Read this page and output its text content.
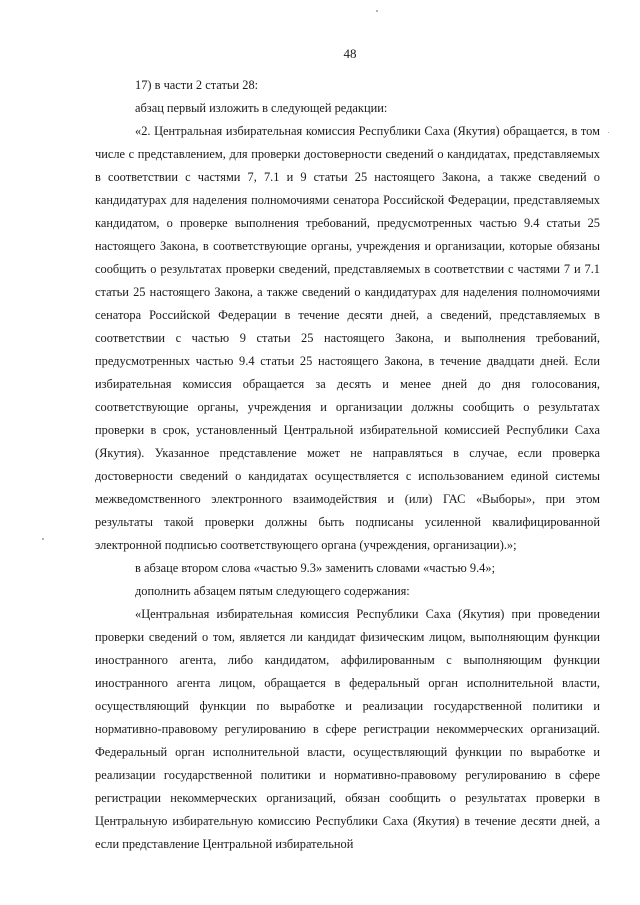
48

17) в части 2 статьи 28:

абзац первый изложить в следующей редакции:

«2. Центральная избирательная комиссия Республики Саха (Якутия) обращается, в том числе с представлением, для проверки достоверности сведений о кандидатах, представляемых в соответствии с частями 7, 7.1 и 9 статьи 25 настоящего Закона, а также сведений о кандидатурах для наделения полномочиями сенатора Российской Федерации, представляемых кандидатом, о проверке выполнения требований, предусмотренных частью 9.4 статьи 25 настоящего Закона, в соответствующие органы, учреждения и организации, которые обязаны сообщить о результатах проверки сведений, представляемых в соответствии с частями 7 и 7.1 статьи 25 настоящего Закона, а также сведений о кандидатурах для наделения полномочиями сенатора Российской Федерации в течение десяти дней, а сведений, представляемых в соответствии с частью 9 статьи 25 настоящего Закона, и выполнения требований, предусмотренных частью 9.4 статьи 25 настоящего Закона, в течение двадцати дней. Если избирательная комиссия обращается за десять и менее дней до дня голосования, соответствующие органы, учреждения и организации должны сообщить о результатах проверки в срок, установленный Центральной избирательной комиссией Республики Саха (Якутия). Указанное представление может не направляться в случае, если проверка достоверности сведений о кандидатах осуществляется с использованием единой системы межведомственного электронного взаимодействия и (или) ГАС «Выборы», при этом результаты такой проверки должны быть подписаны усиленной квалифицированной электронной подписью соответствующего органа (учреждения, организации).»;

в абзаце втором слова «частью 9.3» заменить словами «частью 9.4»;

дополнить абзацем пятым следующего содержания:

«Центральная избирательная комиссия Республики Саха (Якутия) при проведении проверки сведений о том, является ли кандидат физическим лицом, выполняющим функции иностранного агента, либо кандидатом, аффилированным с выполняющим функции иностранного агента лицом, обращается в федеральный орган исполнительной власти, осуществляющий функции по выработке и реализации государственной политики и нормативно-правовому регулированию в сфере регистрации некоммерческих организаций. Федеральный орган исполнительной власти, осуществляющий функции по выработке и реализации государственной политики и нормативно-правовому регулированию в сфере регистрации некоммерческих организаций, обязан сообщить о результатах проверки в Центральную избирательную комиссию Республики Саха (Якутия) в течение десяти дней, а если представление Центральной избирательной
